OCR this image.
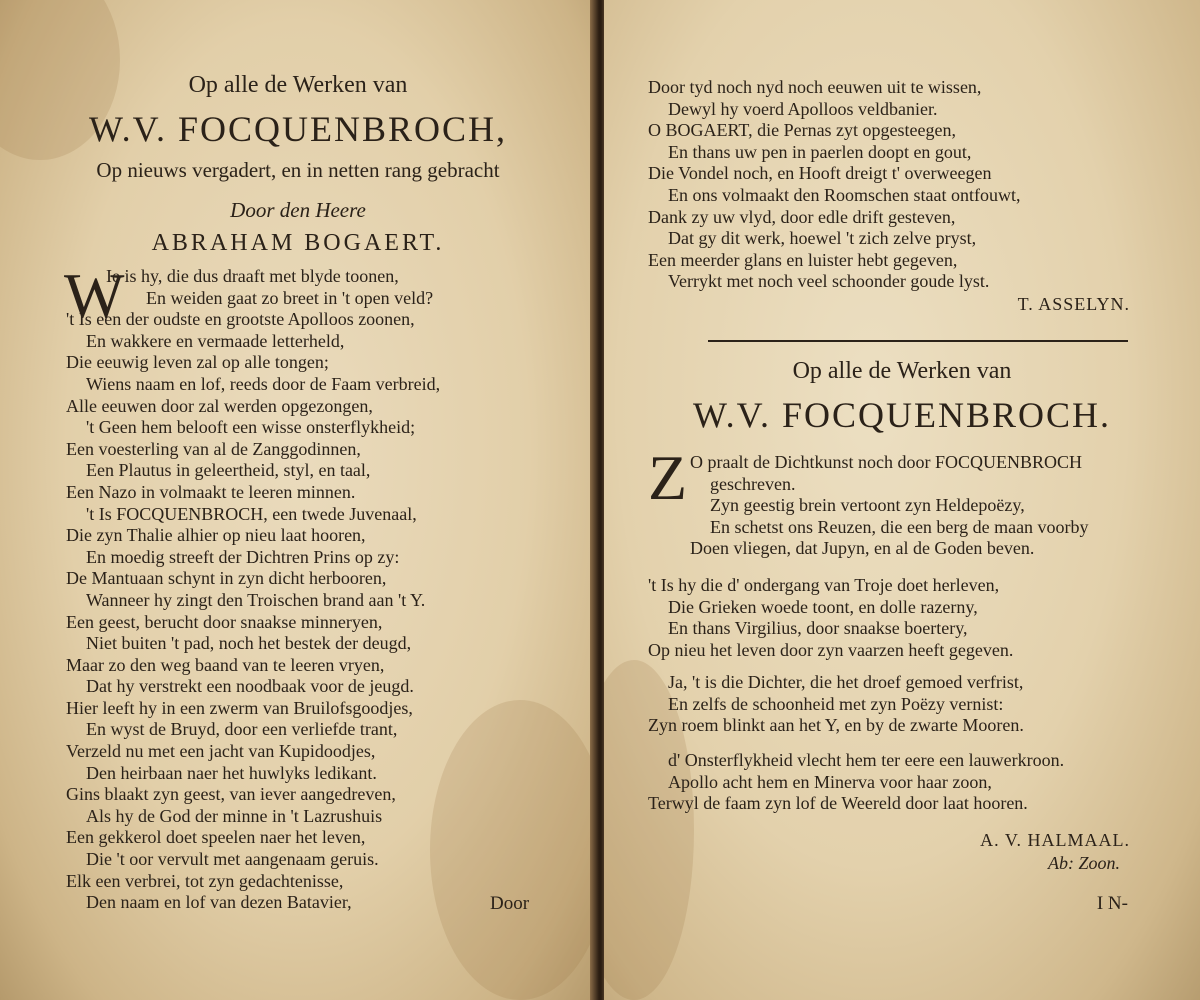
Op alle de Werken van
W.V. FOCQUENBROCH,
Op nieuws vergadert, en in netten rang gebracht
Door den Heere
ABRAHAM BOGAERT.
W
Ie is hy, die dus draaft met blyde toonen,
En weiden gaat zo breet in 't open veld?
't Is een der oudste en grootste Apolloos zoonen,
En wakkere en vermaade letterheld,
Die eeuwig leven zal op alle tongen;
Wiens naam en lof, reeds door de Faam verbreid,
Alle eeuwen door zal werden opgezongen,
't Geen hem belooft een wisse onsterflykheid;
Een voesterling van al de Zanggodinnen,
Een Plautus in geleertheid, styl, en taal,
Een Nazo in volmaakt te leeren minnen.
't Is FOCQUENBROCH, een twede Juvenaal,
Die zyn Thalie alhier op nieu laat hooren,
En moedig streeft der Dichtren Prins op zy:
De Mantuaan schynt in zyn dicht herbooren,
Wanneer hy zingt den Troischen brand aan 't Y.
Een geest, berucht door snaakse minneryen,
Niet buiten 't pad, noch het bestek der deugd,
Maar zo den weg baand van te leeren vryen,
Dat hy verstrekt een noodbaak voor de jeugd.
Hier leeft hy in een zwerm van Bruilofsgoodjes,
En wyst de Bruyd, door een verliefde trant,
Verzeld nu met een jacht van Kupidoodjes,
Den heirbaan naer het huwlyks ledikant.
Gins blaakt zyn geest, van iever aangedreven,
Als hy de God der minne in 't Lazrushuis
Een gekkerol doet speelen naer het leven,
Die 't oor vervult met aangenaam geruis.
Elk een verbrei, tot zyn gedachtenisse,
Den naam en lof van dezen Batavier,	Door
Door tyd noch nyd noch eeuwen uit te wissen,
Dewyl hy voerd Apolloos veldbanier.
O BOGAERT, die Pernas zyt opgesteegen,
En thans uw pen in paerlen doopt en gout,
Die Vondel noch, en Hooft dreigt t' overweegen
En ons volmaakt den Roomschen staat ontfouwt,
Dank zy uw vlyd, door edle drift gesteven,
Dat gy dit werk, hoewel 't zich zelve pryst,
Een meerder glans en luister hebt gegeven,
Verrykt met noch veel schoonder goude lyst.
T. ASSELYN.
Op alle de Werken van
W.V. FOCQUENBROCH.
Z O praalt de Dichtkunst noch door FOCQUENBROCH
geschreven.
Zyn geestig brein vertoont zyn Heldepoëzy,
En schetst ons Reuzen, die een berg de maan voorby
Doen vliegen, dat Jupyn, en al de Goden beven.
't Is hy die d' ondergang van Troje doet herleven,
Die Grieken woede toont, en dolle razerny,
En thans Virgilius, door snaakse boertery,
Op nieu het leven door zyn vaarzen heeft gegeven.
Ja, 't is die Dichter, die het droef gemoed verfrist,
En zelfs de schoonheid met zyn Poëzy vernist:
Zyn roem blinkt aan het Y, en by de zwarte Mooren.
d' Onsterflykheid vlecht hem ter eere een lauwerkroon.
Apollo acht hem en Minerva voor haar zoon,
Terwyl de faam zyn lof de Weereld door laat hooren.
A. V. HALMAAL.
Ab: Zoon.
I N-
